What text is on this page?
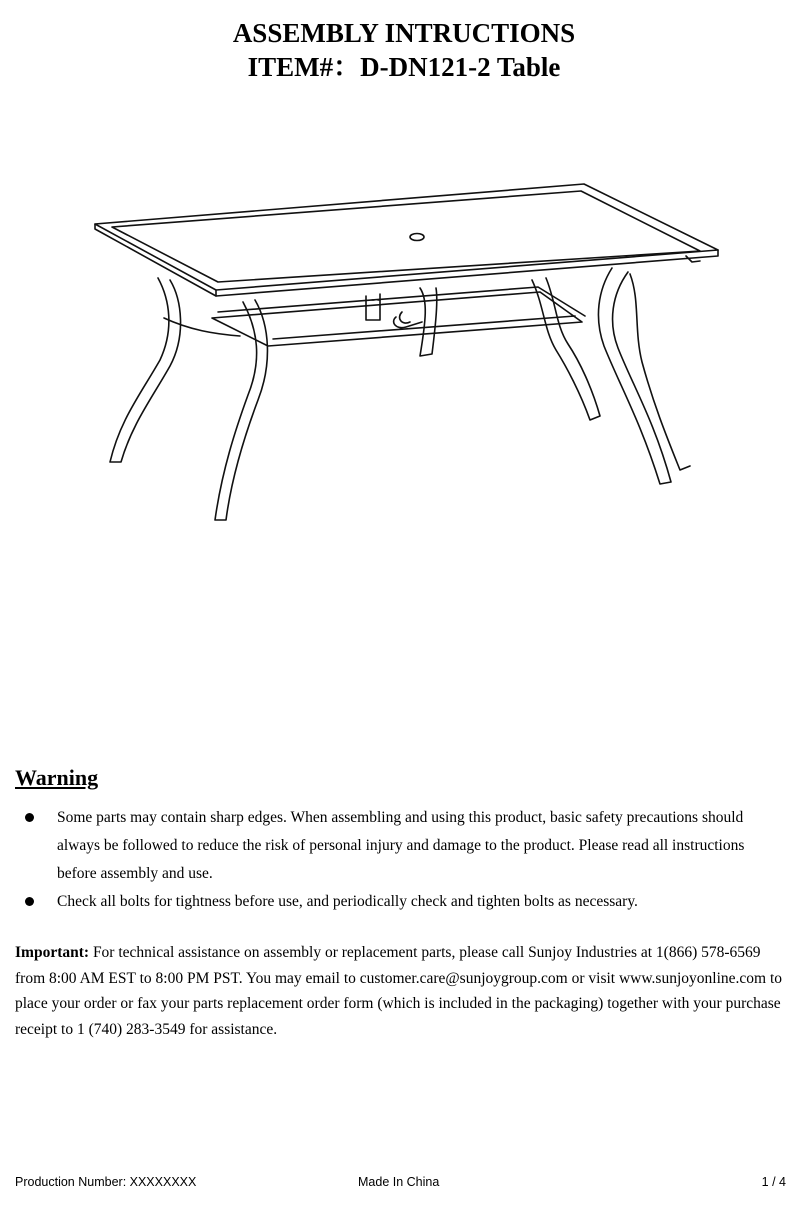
ASSEMBLY INTRUCTIONS
ITEM#：D-DN121-2 Table
Warning
Some parts may contain sharp edges. When assembling and using this product, basic safety precautions should always be followed to reduce the risk of personal injury and damage to the product. Please read all instructions before assembly and use.
Check all bolts for tightness before use, and periodically check and tighten bolts as necessary.

Important: For technical assistance on assembly or replacement parts, please call Sunjoy Industries at 1(866) 578-6569 from 8:00 AM EST to 8:00 PM PST. You may email to customer.care@sunjoygroup.com or visit www.sunjoyonline.com to place your order or fax your parts replacement order form (which is included in the packaging) together with your purchase receipt to 1 (740) 283-3549 for assistance.

Production Number: XXXXXXXX	Made In China	1 / 4
